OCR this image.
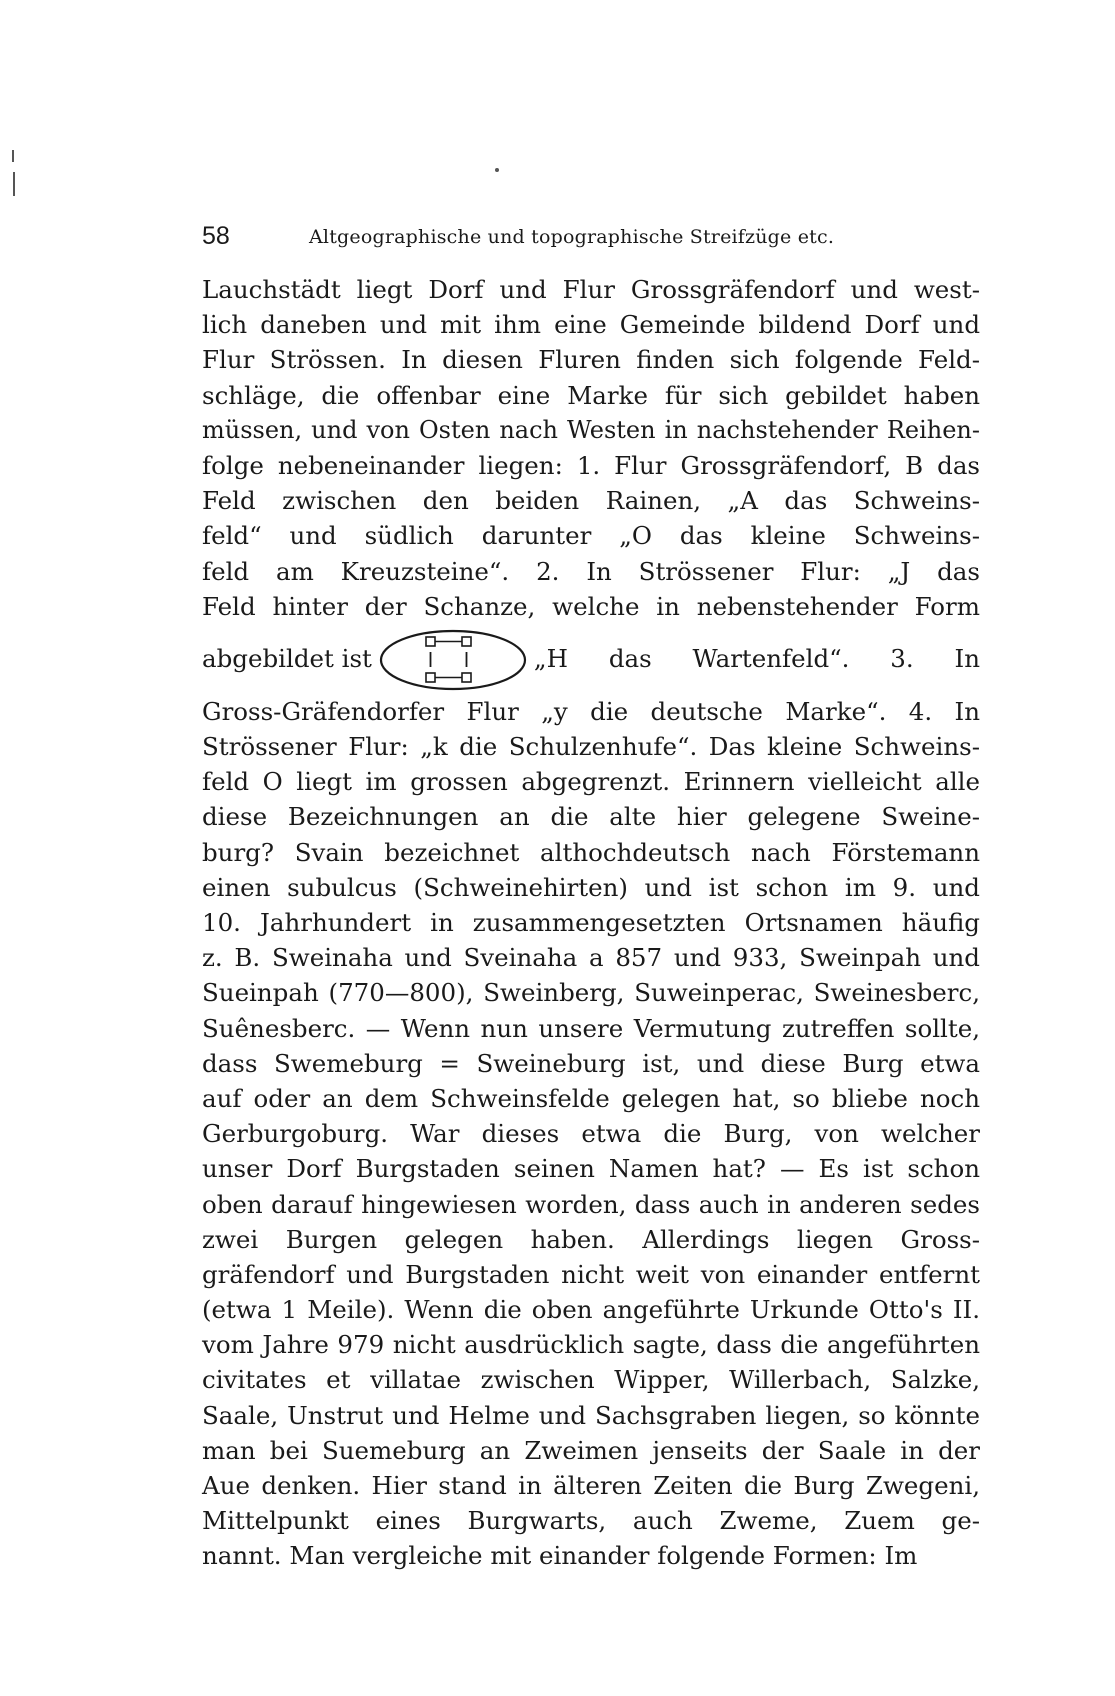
58	Altgeographische und topographische Streifzüge etc.
Lauchstädt liegt Dorf und Flur Grossgräfendorf und west-
lich daneben und mit ihm eine Gemeinde bildend Dorf und
Flur Strössen. In diesen Fluren finden sich folgende Feld-
schläge, die offenbar eine Marke für sich gebildet haben
müssen, und von Osten nach Westen in nachstehender Reihen-
folge nebeneinander liegen: 1. Flur Grossgräfendorf, B das
Feld zwischen den beiden Rainen, „A das Schweins-
feld“ und südlich darunter „O das kleine Schweins-
feld am Kreuzsteine“. 2. In Strössener Flur: „J das
Feld hinter der Schanze, welche in nebenstehender Form
abgebildet ist	„H das Wartenfeld“. 3. In
Gross-Gräfendorfer Flur „y die deutsche Marke“. 4. In
Strössener Flur: „k die Schulzenhufe“. Das kleine Schweins-
feld O liegt im grossen abgegrenzt. Erinnern vielleicht alle
diese Bezeichnungen an die alte hier gelegene Sweine-
burg? Svain bezeichnet althochdeutsch nach Förstemann
einen subulcus (Schweinehirten) und ist schon im 9. und
10. Jahrhundert in zusammengesetzten Ortsnamen häufig
z. B. Sweinaha und Sveinaha a 857 und 933, Sweinpah und
Sueinpah (770—800), Sweinberg, Suweinperac, Sweinesberc,
Suênesberc. — Wenn nun unsere Vermutung zutreffen sollte,
dass Swemeburg = Sweineburg ist, und diese Burg etwa
auf oder an dem Schweinsfelde gelegen hat, so bliebe noch
Gerburgoburg. War dieses etwa die Burg, von welcher
unser Dorf Burgstaden seinen Namen hat? — Es ist schon
oben darauf hingewiesen worden, dass auch in anderen sedes
zwei Burgen gelegen haben. Allerdings liegen Gross-
gräfendorf und Burgstaden nicht weit von einander entfernt
(etwa 1 Meile). Wenn die oben angeführte Urkunde Otto's II.
vom Jahre 979 nicht ausdrücklich sagte, dass die angeführten
civitates et villatae zwischen Wipper, Willerbach, Salzke,
Saale, Unstrut und Helme und Sachsgraben liegen, so könnte
man bei Suemeburg an Zweimen jenseits der Saale in der
Aue denken. Hier stand in älteren Zeiten die Burg Zwegeni,
Mittelpunkt eines Burgwarts, auch Zweme, Zuem ge-
nannt. Man vergleiche mit einander folgende Formen: Im
